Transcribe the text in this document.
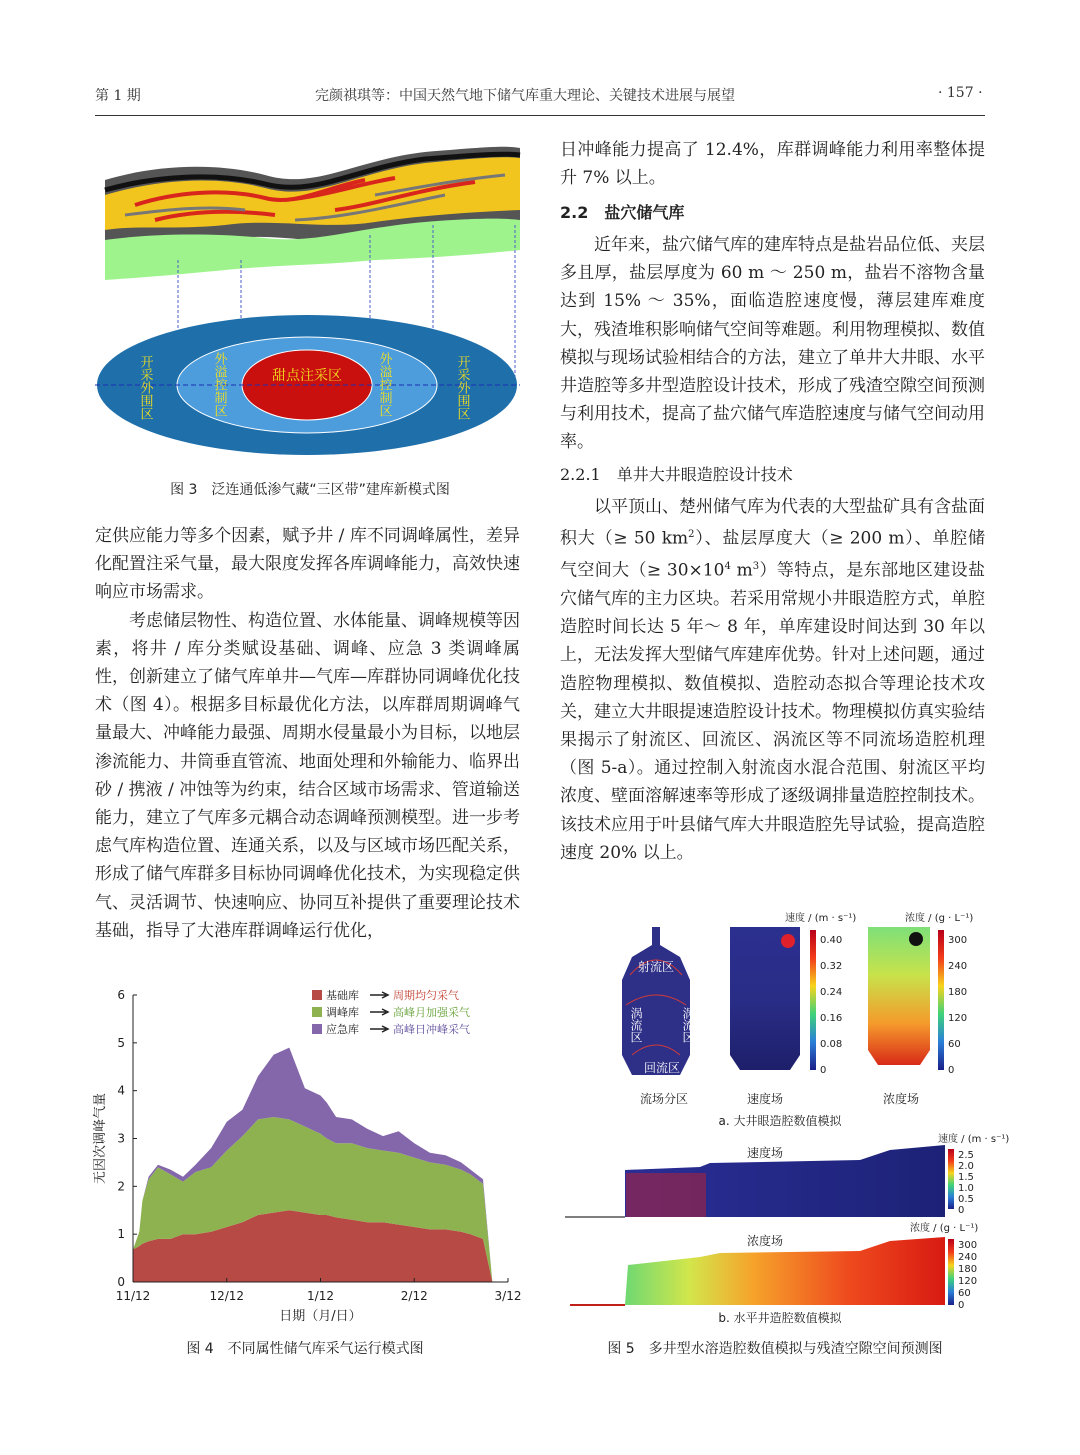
第 1 期	完颜祺琪等：中国天然气地下储气库重大理论、关键技术进展与展望	· 157 ·
开采外围区	外溢控制区	外溢控制区	开采外围区
甜点注采区
图 3　泛连通低渗气藏“三区带”建库新模式图

定供应能力等多个因素，赋予井 / 库不同调峰属性，差异化配置注采气量，最大限度发挥各库调峰能力，高效快速响应市场需求。

考虑储层物性、构造位置、水体能量、调峰规模等因素，将井 / 库分类赋设基础、调峰、应急 3 类调峰属性，创新建立了储气库单井—气库—库群协同调峰优化技术（图 4）。根据多目标最优化方法，以库群周期调峰气量最大、冲峰能力最强、周期水侵量最小为目标，以地层渗流能力、井筒垂直管流、地面处理和外输能力、临界出砂 / 携液 / 冲蚀等为约束，结合区域市场需求、管道输送能力，建立了气库多元耦合动态调峰预测模型。进一步考虑气库构造位置、连通关系，以及与区域市场匹配关系，形成了储气库群多目标协同调峰优化技术，为实现稳定供气、灵活调节、快速响应、协同互补提供了重要理论技术基础，指导了大港库群调峰运行优化，

0
1
2
3
4
5
6
11/12	12/12	1/12	2/12	3/12
日期（月/日）
无因次调峰气量
基础库	周期均匀采气
调峰库	高峰月加强采气
应急库	高峰日冲峰采气
图 4　不同属性储气库采气运行模式图

日冲峰能力提高了 12.4%，库群调峰能力利用率整体提升 7% 以上。

2.2　盐穴储气库

近年来，盐穴储气库的建库特点是盐岩品位低、夹层多且厚，盐层厚度为 60 m ～ 250 m，盐岩不溶物含量达到 15% ～ 35%，面临造腔速度慢，薄层建库难度大，残渣堆积影响储气空间等难题。利用物理模拟、数值模拟与现场试验相结合的方法，建立了单井大井眼、水平井造腔等多井型造腔设计技术，形成了残渣空隙空间预测与利用技术，提高了盐穴储气库造腔速度与储气空间动用率。

2.2.1　单井大井眼造腔设计技术

以平顶山、楚州储气库为代表的大型盐矿具有含盐面积大（≥ 50 $km^2$）、盐层厚度大（≥ 200 m）、单腔储气空间大（≥ $30\times 10^4$ $m^3$）等特点，是东部地区建设盐穴储气库的主力区块。若采用常规小井眼造腔方式，单腔造腔时间长达 5 年～ 8 年，单库建设时间达到 30 年以上，无法发挥大型储气库建库优势。针对上述问题，通过造腔物理模拟、数值模拟、造腔动态拟合等理论技术攻关，建立大井眼提速造腔设计技术。物理模拟仿真实验结果揭示了射流区、回流区、涡流区等不同流场造腔机理（图 5-a）。通过控制入射流卤水混合范围、射流区平均浓度、壁面溶解速率等形成了逐级调排量造腔控制技术。该技术应用于叶县储气库大井眼造腔先导试验，提高造腔速度 20% 以上。

射流区
涡流区	涡流区
回流区
流场分区	速度场
速度 / (m · s⁻¹)
0.40
0.32
0.24
0.16
0.08
0
浓度场
浓度 / (g · L⁻¹)
300
240
180
120
60
0
a. 大井眼造腔数值模拟
速度 / (m · s⁻¹)
速度场	2.5
2.0
1.5
1.0
0.5
0
浓度 / (g · L⁻¹)
浓度场	300
240
180
120
60
0
b. 水平井造腔数值模拟
图 5　多井型水溶造腔数值模拟与残渣空隙空间预测图
